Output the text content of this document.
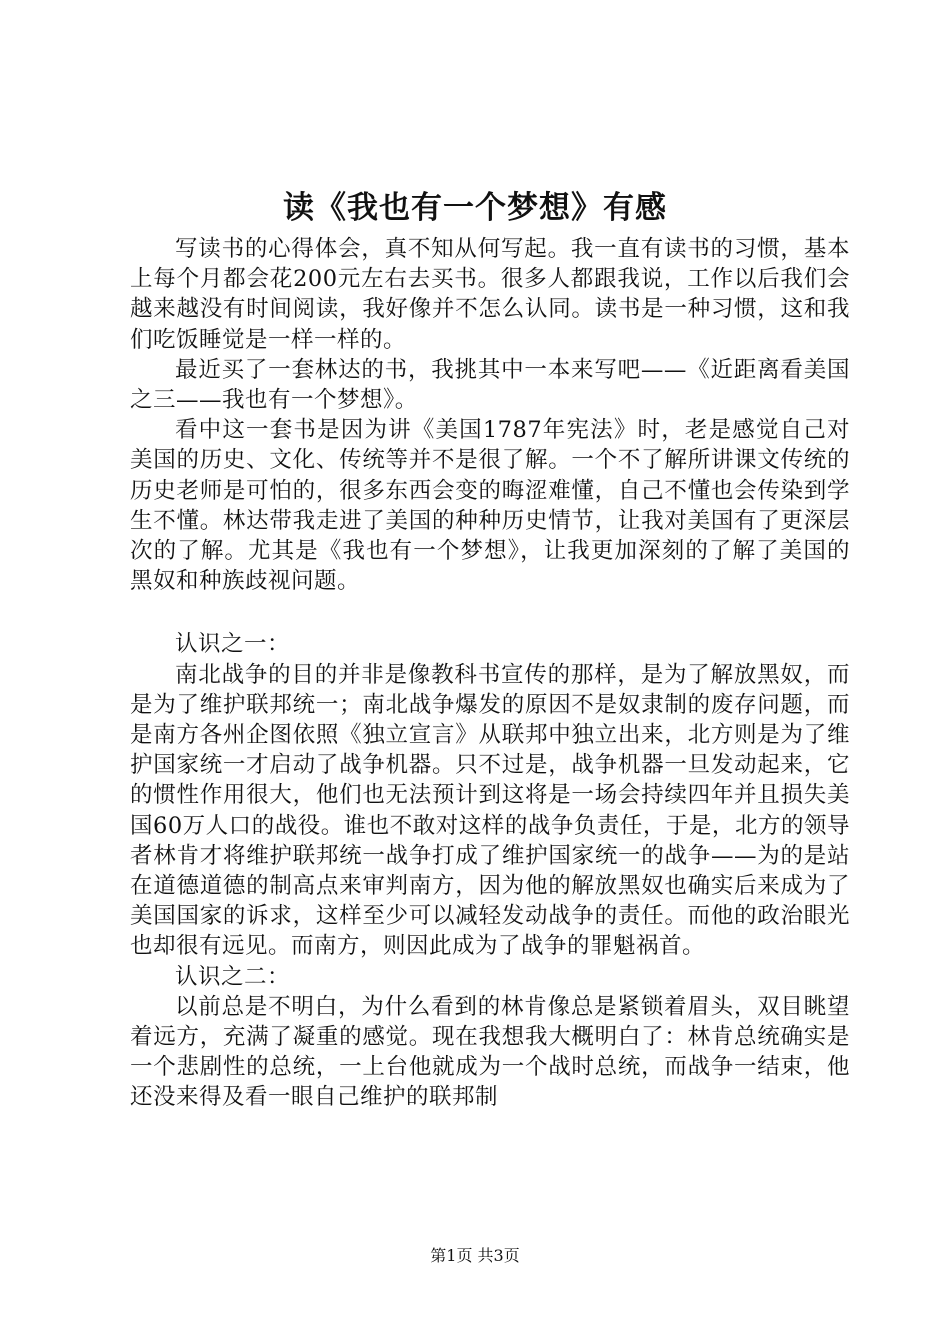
读《我也有一个梦想》有感

写读书的心得体会，真不知从何写起。我一直有读书的习惯，基本上每个月都会花200元左右去买书。很多人都跟我说，工作以后我们会越来越没有时间阅读，我好像并不怎么认同。读书是一种习惯，这和我们吃饭睡觉是一样一样的。

最近买了一套林达的书，我挑其中一本来写吧——《近距离看美国之三——我也有一个梦想》。

看中这一套书是因为讲《美国1787年宪法》时，老是感觉自己对美国的历史、文化、传统等并不是很了解。一个不了解所讲课文传统的历史老师是可怕的，很多东西会变的晦涩难懂，自己不懂也会传染到学生不懂。林达带我走进了美国的种种历史情节，让我对美国有了更深层次的了解。尤其是《我也有一个梦想》，让我更加深刻的了解了美国的黑奴和种族歧视问题。

认识之一：

南北战争的目的并非是像教科书宣传的那样，是为了解放黑奴，而是为了维护联邦统一；南北战争爆发的原因不是奴隶制的废存问题，而是南方各州企图依照《独立宣言》从联邦中独立出来，北方则是为了维护国家统一才启动了战争机器。只不过是，战争机器一旦发动起来，它的惯性作用很大，他们也无法预计到这将是一场会持续四年并且损失美国60万人口的战役。谁也不敢对这样的战争负责任，于是，北方的领导者林肯才将维护联邦统一战争打成了维护国家统一的战争——为的是站在道德道德的制高点来审判南方，因为他的解放黑奴也确实后来成为了美国国家的诉求，这样至少可以减轻发动战争的责任。而他的政治眼光也却很有远见。而南方，则因此成为了战争的罪魁祸首。

认识之二：

以前总是不明白，为什么看到的林肯像总是紧锁着眉头，双目眺望着远方，充满了凝重的感觉。现在我想我大概明白了：林肯总统确实是一个悲剧性的总统，一上台他就成为一个战时总统，而战争一结束，他还没来得及看一眼自己维护的联邦制

第1页 共3页
